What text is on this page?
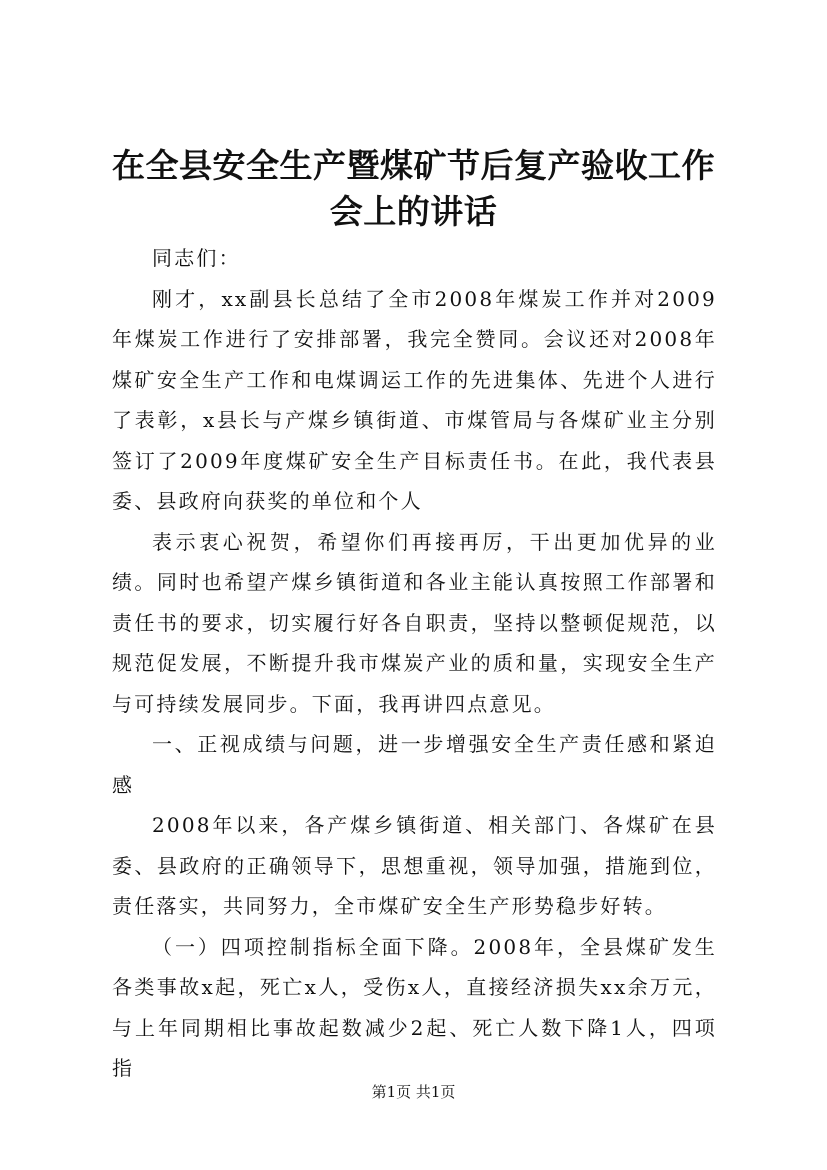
在全县安全生产暨煤矿节后复产验收工作会上的讲话

同志们：

刚才，xx副县长总结了全市2008年煤炭工作并对2009年煤炭工作进行了安排部署，我完全赞同。会议还对2008年煤矿安全生产工作和电煤调运工作的先进集体、先进个人进行了表彰，x县长与产煤乡镇街道、市煤管局与各煤矿业主分别签订了2009年度煤矿安全生产目标责任书。在此，我代表县委、县政府向获奖的单位和个人

表示衷心祝贺，希望你们再接再厉，干出更加优异的业绩。同时也希望产煤乡镇街道和各业主能认真按照工作部署和责任书的要求，切实履行好各自职责，坚持以整顿促规范，以规范促发展，不断提升我市煤炭产业的质和量，实现安全生产与可持续发展同步。下面，我再讲四点意见。

一、正视成绩与问题，进一步增强安全生产责任感和紧迫感

2008年以来，各产煤乡镇街道、相关部门、各煤矿在县委、县政府的正确领导下，思想重视，领导加强，措施到位，责任落实，共同努力，全市煤矿安全生产形势稳步好转。

（一）四项控制指标全面下降。2008年，全县煤矿发生各类事故x起，死亡x人，受伤x人，直接经济损失xx余万元，与上年同期相比事故起数减少2起、死亡人数下降1人，四项指

第1页 共1页
